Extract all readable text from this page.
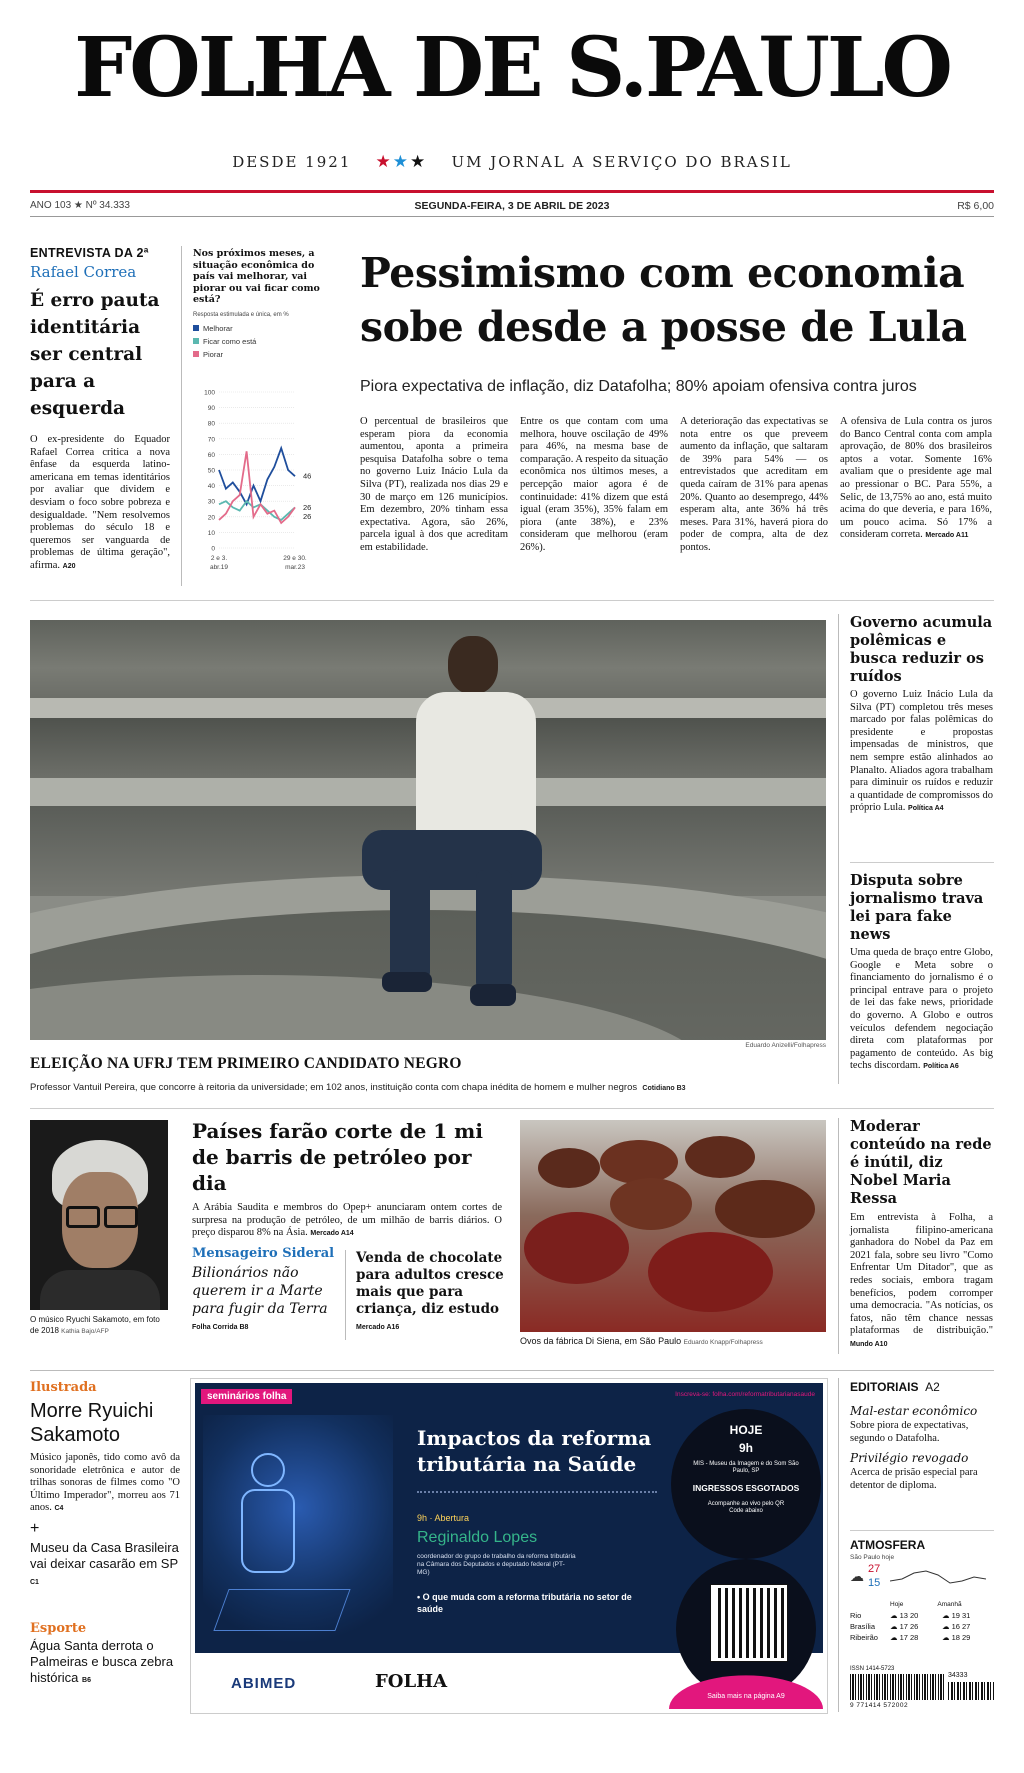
FOLHA DE S.PAULO
DESDE 1921 ★★★ UM JORNAL A SERVIÇO DO BRASIL
ANO 103 ★ Nº 34.333	SEGUNDA-FEIRA, 3 DE ABRIL DE 2023	R$ 6,00
ENTREVISTA DA 2ª
Rafael Correa
É erro pauta identitária ser central para a esquerda
O ex-presidente do Equador Rafael Correa critica a nova ênfase da esquerda latino-americana em temas identitários por avaliar que dividem e desviam o foco sobre pobreza e desigualdade. "Nem resolvemos problemas do século 18 e queremos ser vanguarda de problemas de última geração", afirma. A20
Nos próximos meses, a situação econômica do país vai melhorar, vai piorar ou vai ficar como está?
Resposta estimulada e única, em %
Melhorar
Ficar como está
Piorar
100
90
80
70
60
50
40
30
20
10
0
46
26
26
2 e 3. abr.19
29 e 30. mar.23
Pessimismo com economia sobe desde a posse de Lula
Piora expectativa de inflação, diz Datafolha; 80% apoiam ofensiva contra juros
O percentual de brasileiros que esperam piora da economia aumentou, aponta a primeira pesquisa Datafolha sobre o tema no governo Luiz Inácio Lula da Silva (PT), realizada nos dias 29 e 30 de março em 126 municípios. Em dezembro, 20% tinham essa expectativa. Agora, são 26%, parcela igual à dos que acreditam em estabilidade.
Entre os que contam com uma melhora, houve oscilação de 49% para 46%, na mesma base de comparação. A respeito da situação econômica nos últimos meses, a percepção maior agora é de continuidade: 41% dizem que está igual (eram 35%), 35% falam em piora (ante 38%), e 23% consideram que melhorou (eram 26%).
A deterioração das expectativas se nota entre os que preveem aumento da inflação, que saltaram de 39% para 54% — os entrevistados que acreditam em queda caíram de 31% para apenas 20%. Quanto ao desemprego, 44% esperam alta, ante 36% há três meses. Para 31%, haverá piora do poder de compra, alta de dez pontos.
A ofensiva de Lula contra os juros do Banco Central conta com ampla aprovação, de 80% dos brasileiros aptos a votar. Somente 16% avaliam que o presidente age mal ao pressionar o BC. Para 55%, a Selic, de 13,75% ao ano, está muito acima do que deveria, e para 16%, um pouco acima. Só 17% a consideram correta. Mercado A11
Eduardo Anizelli/Folhapress
ELEIÇÃO NA UFRJ TEM PRIMEIRO CANDIDATO NEGRO
Professor Vantuil Pereira, que concorre à reitoria da universidade; em 102 anos, instituição conta com chapa inédita de homem e mulher negros Cotidiano B3
Governo acumula polêmicas e busca reduzir os ruídos
O governo Luiz Inácio Lula da Silva (PT) completou três meses marcado por falas polêmicas do presidente e propostas impensadas de ministros, que nem sempre estão alinhados ao Planalto. Aliados agora trabalham para diminuir os ruídos e reduzir a quantidade de compromissos do próprio Lula. Política A4
Disputa sobre jornalismo trava lei para fake news
Uma queda de braço entre Globo, Google e Meta sobre o financiamento do jornalismo é o principal entrave para o projeto de lei das fake news, prioridade do governo. A Globo e outros veículos defendem negociação direta com plataformas por pagamento de conteúdo. As big techs discordam. Política A6
O músico Ryuchi Sakamoto, em foto de 2018 Kathia Bajo/AFP
Países farão corte de 1 mi de barris de petróleo por dia
A Arábia Saudita e membros do Opep+ anunciaram ontem cortes de surpresa na produção de petróleo, de um milhão de barris diários. O preço disparou 8% na Ásia. Mercado A14
Mensageiro Sideral
Bilionários não querem ir a Marte para fugir da Terra
Folha Corrida B8
Venda de chocolate para adultos cresce mais que para criança, diz estudo
Mercado A16
Ovos da fábrica Di Siena, em São Paulo Eduardo Knapp/Folhapress
Moderar conteúdo na rede é inútil, diz Nobel Maria Ressa
Em entrevista à Folha, a jornalista filipino-americana ganhadora do Nobel da Paz em 2021 fala, sobre seu livro "Como Enfrentar Um Ditador", que as redes sociais, embora tragam benefícios, podem corromper uma democracia. "As notícias, os fatos, não têm chance nessas plataformas de distribuição." Mundo A10
Ilustrada
Morre Ryuichi Sakamoto
Músico japonês, tido como avô da sonoridade eletrônica e autor de trilhas sonoras de filmes como "O Último Imperador", morreu aos 71 anos. C4
+
Museu da Casa Brasileira vai deixar casarão em SP C1
Esporte
Água Santa derrota o Palmeiras e busca zebra histórica B6
seminários folha	Inscreva-se: folha.com/reformatributarianasaude
Impactos da reforma tributária na Saúde
9h · Abertura
Reginaldo Lopes
coordenador do grupo de trabalho da reforma tributária na Câmara dos Deputados e deputado federal (PT-MG)
• O que muda com a reforma tributária no setor de saúde
HOJE
9h
MIS - Museu da Imagem e do Som São Paulo, SP
INGRESSOS ESGOTADOS
Acompanhe ao vivo pelo QR Code abaixo
Saiba mais na página A9
ABIMED	FOLHA
EDITORIAIS A2
Mal-estar econômico
Sobre piora de expectativas, segundo o Datafolha.
Privilégio revogado
Acerca de prisão especial para detentor de diploma.
ATMOSFERA
São Paulo hoje
☁ 27
15
Hoje	Amanhã
Rio	☁ 13 20	☁ 19 31
Brasília	☁ 17 26	☁ 16 27
Ribeirão	☁ 17 28	☁ 18 29
ISSN 1414-5723
34333
9 771414 572002
